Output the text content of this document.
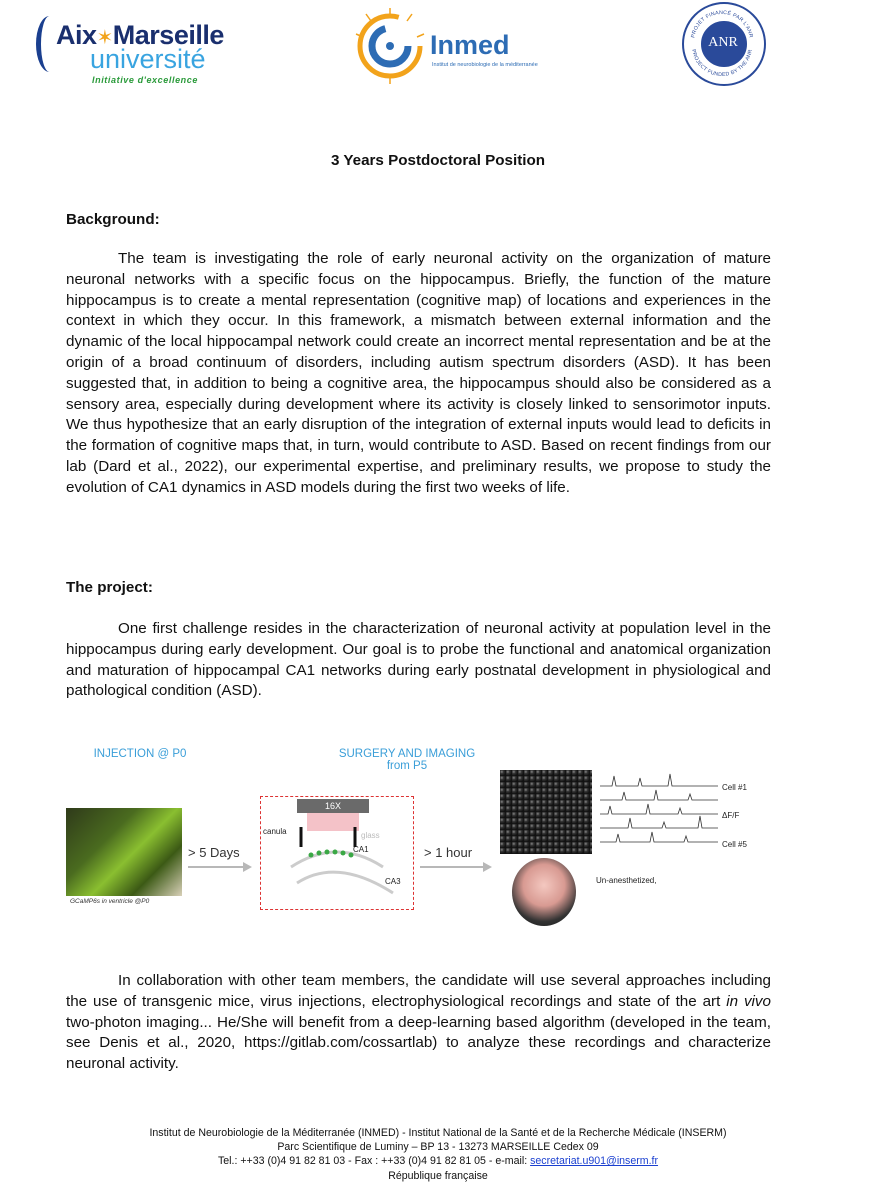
Aix✶Marseille
université
Initiative d'excellence
Inmed
Institut de neurobiologie de la méditerranée
PROJET FINANCÉ PAR L'ANR
PROJECT FUNDED BY THE ANR
ANR
3 Years Postdoctoral Position
Background:

The team is investigating the role of early neuronal activity on the organization of mature neuronal networks with a specific focus on the hippocampus. Briefly, the function of the mature hippocampus is to create a mental representation (cognitive map) of locations and experiences in the context in which they occur. In this framework, a mismatch between external information and the dynamic of the local hippocampal network could create an incorrect mental representation and be at the origin of a broad continuum of disorders, including autism spectrum disorders (ASD). It has been suggested that, in addition to being a cognitive area, the hippocampus should also be considered as a sensory area, especially during development where its activity is closely linked to sensorimotor inputs. We thus hypothesize that an early disruption of the integration of external inputs would lead to deficits in the formation of cognitive maps that, in turn, would contribute to ASD. Based on recent findings from our lab (Dard et al., 2022), our experimental expertise, and preliminary results, we propose to study the evolution of CA1 dynamics in ASD models during the first two weeks of life.

The project:

One first challenge resides in the characterization of neuronal activity at population level in the hippocampus during early development. Our goal is to probe the functional and anatomical organization and maturation of hippocampal CA1 networks during early postnatal development in physiological and pathological condition (ASD).

INJECTION @ P0	SURGERY AND IMAGING
from P5
GCaMP6s in ventricle @P0
> 5 Days
16X
canula	glass
CA1
CA3
> 1 hour
Cell #1
ΔF/F
Cell #5
Un-anesthetized,

In collaboration with other team members, the candidate will use several approaches including the use of transgenic mice, virus injections, electrophysiological recordings and state of the art in vivo two-photon imaging... He/She will benefit from a deep-learning based algorithm (developed in the team, see Denis et al., 2020, https://gitlab.com/cossartlab) to analyze these recordings and characterize neuronal activity.

Institut de Neurobiologie de la Méditerranée (INMED) - Institut National de la Santé et de la Recherche Médicale (INSERM)
Parc Scientifique de Luminy – BP 13 - 13273 MARSEILLE Cedex 09
Tel.: ++33 (0)4 91 82 81 03 - Fax : ++33 (0)4 91 82 81 05 - e-mail: secretariat.u901@inserm.fr
République française
